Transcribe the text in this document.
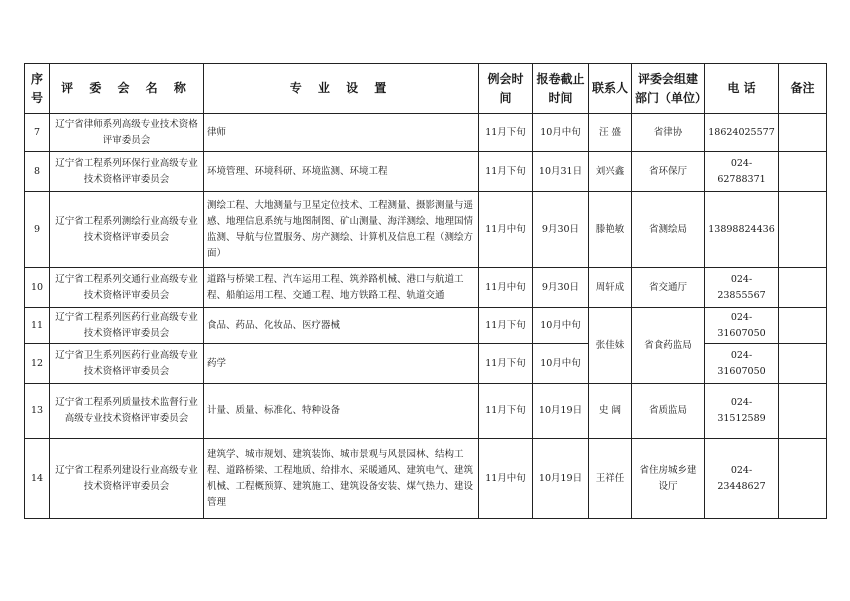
序号	评 委 会 名 称	专 业 设 置	例会时间	报卷截止时间	联系人	评委会组建部门（单位）	电 话	备注
7	辽宁省律师系列高级专业技术资格评审委员会	律师	11月下旬	10月中旬	汪 盛	省律协	18624025577	
8	辽宁省工程系列环保行业高级专业技术资格评审委员会	环境管理、环境科研、环境监测、环境工程	11月下旬	10月31日	刘兴鑫	省环保厅	024-62788371	
9	辽宁省工程系列测绘行业高级专业技术资格评审委员会	测绘工程、大地测量与卫星定位技术、工程测量、摄影测量与遥感、地理信息系统与地图制图、矿山测量、海洋测绘、地理国情监测、导航与位置服务、房产测绘、计算机及信息工程（测绘方面）	11月中旬	9月30日	滕艳敏	省测绘局	13898824436	
10	辽宁省工程系列交通行业高级专业技术资格评审委员会	道路与桥梁工程、汽车运用工程、筑养路机械、港口与航道工程、船舶运用工程、交通工程、地方铁路工程、轨道交通	11月中旬	9月30日	周轩成	省交通厅	024-23855567	
11	辽宁省工程系列医药行业高级专业技术资格评审委员会	食品、药品、化妆品、医疗器械	11月下旬	10月中旬	张佳妹	省食药监局	024-31607050	
12	辽宁省卫生系列医药行业高级专业技术资格评审委员会	药学	11月下旬	10月中旬			024-31607050	
13	辽宁省工程系列质量技术监督行业高级专业技术资格评审委员会	计量、质量、标准化、特种设备	11月下旬	10月19日	史 阔	省质监局	024-31512589	
14	辽宁省工程系列建设行业高级专业技术资格评审委员会	建筑学、城市规划、建筑装饰、城市景观与风景园林、结构工程、道路桥梁、工程地质、给排水、采暖通风、建筑电气、建筑机械、工程概预算、建筑施工、建筑设备安装、煤气热力、建设管理	11月中旬	10月19日	王祥任	省住房城乡建设厅	024-23448627	
